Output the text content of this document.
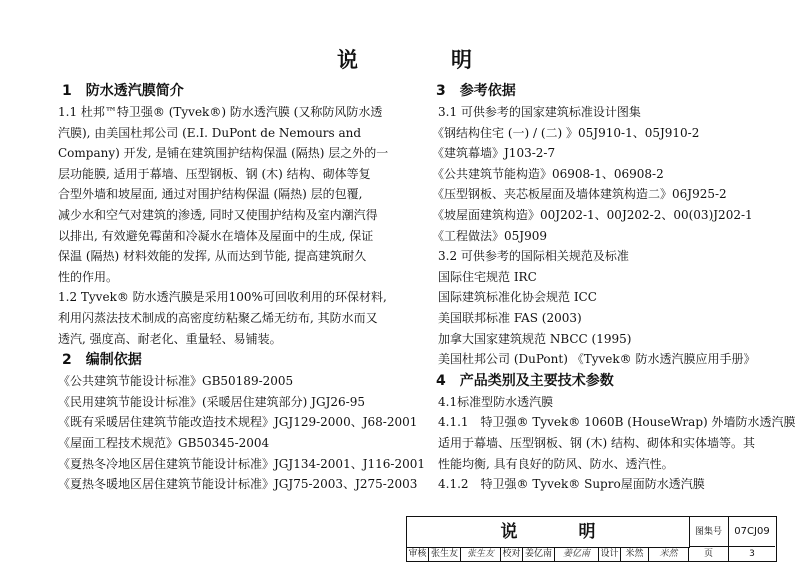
说　明
1　防水透汽膜简介
1.1 杜邦™特卫强® (Tyvek®) 防水透汽膜 (又称防风防水透
汽膜), 由美国杜邦公司 (E.I. DuPont de Nemours and
Company) 开发, 是铺在建筑围护结构保温 (隔热) 层之外的一
层功能膜, 适用于幕墙、压型钢板、钢 (木) 结构、砌体等复
合型外墙和坡屋面, 通过对围护结构保温 (隔热) 层的包覆,
减少水和空气对建筑的渗透, 同时又使围护结构及室内潮汽得
以排出, 有效避免霉菌和冷凝水在墙体及屋面中的生成, 保证
保温 (隔热) 材料效能的发挥, 从而达到节能, 提高建筑耐久
性的作用。
1.2 Tyvek® 防水透汽膜是采用100%可回收利用的环保材料,
利用闪蒸法技术制成的高密度纺粘聚乙烯无纺布, 其防水而又
透汽, 强度高、耐老化、重量轻、易铺装。
2　编制依据
《公共建筑节能设计标准》GB50189-2005
《民用建筑节能设计标准》(采暖居住建筑部分) JGJ26-95
《既有采暖居住建筑节能改造技术规程》JGJ129-2000、J68-2001
《屋面工程技术规范》GB50345-2004
《夏热冬冷地区居住建筑节能设计标准》JGJ134-2001、J116-2001
《夏热冬暖地区居住建筑节能设计标准》JGJ75-2003、J275-2003
3　参考依据
3.1 可供参考的国家建筑标准设计图集
《钢结构住宅 (一) / (二) 》05J910-1、05J910-2
《建筑幕墙》J103-2-7
《公共建筑节能构造》06908-1、06908-2
《压型钢板、夹芯板屋面及墙体建筑构造二》06J925-2
《坡屋面建筑构造》00J202-1、00J202-2、00(03)J202-1
《工程做法》05J909
3.2 可供参考的国际相关规范及标准
国际住宅规范 IRC
国际建筑标准化协会规范 ICC
美国联邦标准 FAS (2003)
加拿大国家建筑规范 NBCC (1995)
美国杜邦公司 (DuPont) 《Tyvek® 防水透汽膜应用手册》
4　产品类别及主要技术参数
4.1标准型防水透汽膜
4.1.1　特卫强® Tyvek® 1060B (HouseWrap) 外墙防水透汽膜
适用于幕墙、压型钢板、钢 (木) 结构、砌体和实体墙等。其
性能均衡, 具有良好的防风、防水、透汽性。
4.1.2　特卫强® Tyvek® Supro屋面防水透汽膜
说　明	图集号	07CJ09
审核 张生友 张生友 校对 姜亿南	姜亿南	设计 米然	米然	页	3
